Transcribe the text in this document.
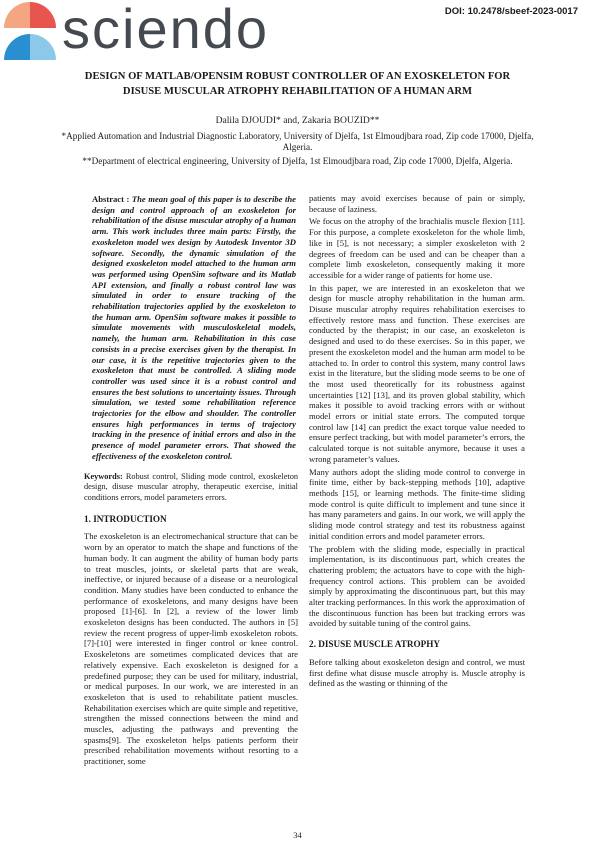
sciendo	DOI: 10.2478/sbeef-2023-0017
DESIGN OF MATLAB/OPENSIM ROBUST CONTROLLER OF AN EXOSKELETON FOR
DISUSE MUSCULAR ATROPHY REHABILITATION OF A HUMAN ARM
Dalila DJOUDI* and, Zakaria BOUZID**
*Applied Automation and Industrial Diagnostic Laboratory, University of Djelfa, 1st Elmoudjbara road, Zip code 17000, Djelfa, Algeria.
**Department of electrical engineering, University of Djelfa, 1st Elmoudjbara road, Zip code 17000, Djelfa, Algeria.
Abstract : The mean goal of this paper is to describe the design and control approach of an exoskeleton for rehabilitation of the disuse muscular atrophy of a human arm. This work includes three main parts: Firstly, the exoskeleton model wes design by Autodesk Inventor 3D software. Secondly, the dynamic simulation of the designed exoskeleton model attached to the human arm was performed using OpenSim software and its Matlab API extension, and finally a robust control law was simulated in order to ensure tracking of the rehabilitation trajectories applied by the exoskeleton to the human arm. OpenSim software makes it possible to simulate movements with musculoskeletal models, namely, the human arm. Rehabilitation in this case consists in a precise exercises given by the therapist. In our case, it is the repetitive trajectories given to the exoskeleton that must be controlled. A sliding mode controller was used since it is a robust control and ensures the best solutions to uncertainty issues. Through simulation, we tested some rehabilitation reference trajectories for the elbow and shoulder. The controller ensures high performances in terms of trajectory tracking in the presence of initial errors and also in the presence of model parameter errors. That showed the effectiveness of the exoskeleton control.
Keywords: Robust control, Sliding mode control, exoskeleton design, disuse muscular atrophy, therapeutic exercise, initial conditions errors, model parameters errors.
1. INTRODUCTION

The exoskeleton is an electromechanical structure that can be worn by an operator to match the shape and functions of the human body. It can augment the ability of human body parts to treat muscles, joints, or skeletal parts that are weak, ineffective, or injured because of a disease or a neurological condition. Many studies have been conducted to enhance the performance of exoskeletons, and many designs have been proposed [1]-[6]. In [2], a review of the lower limb exoskeleton designs has been conducted. The authors in [5] review the recent progress of upper-limb exoskeleton robots. [7]-[10] were interested in finger control or knee control. Exoskeletons are sometimes complicated devices that are relatively expensive. Each exoskeleton is designed for a predefined purpose; they can be used for military, industrial, or medical purposes. In our work, we are interested in an exoskeleton that is used to rehabilitate patient muscles. Rehabilitation exercises which are quite simple and repetitive, strengthen the missed connections between the mind and muscles, adjusting the pathways and preventing the spasms[9]. The exoskeleton helps patients perform their prescribed rehabilitation movements without resorting to a practitioner, some

patients may avoid exercises because of pain or simply, because of laziness.

We focus on the atrophy of the brachialis muscle flexion [11]. For this purpose, a complete exoskeleton for the whole limb, like in [5], is not necessary; a simpler exoskeleton with 2 degrees of freedom can be used and can be cheaper than a complete limb exoskeleton, consequently making it more accessible for a wider range of patients for home use.

In this paper, we are interested in an exoskeleton that we design for muscle atrophy rehabilitation in the human arm. Disuse muscular atrophy requires rehabilitation exercises to effectively restore mass and function. These exercises are conducted by the therapist; in our case, an exoskeleton is designed and used to do these exercises. So in this paper, we present the exoskeleton model and the human arm model to be attached to. In order to control this system, many control laws exist in the literature, but the sliding mode seems to be one of the most used theoretically for its robustness against uncertainties [12] [13], and its proven global stability, which makes it possible to avoid tracking errors with or without model errors or initial state errors. The computed torque control law [14] can predict the exact torque value needed to ensure perfect tracking, but with model parameter’s errors, the calculated torque is not suitable anymore, because it uses a wrong parameter’s values.

Many authors adopt the sliding mode control to converge in finite time, either by back-stepping methods [10], adaptive methods [15], or learning methods. The finite-time sliding mode control is quite difficult to implement and tune since it has many parameters and gains. In our work, we will apply the sliding mode control strategy and test its robustness against initial condition errors and model parameter errors.

The problem with the sliding mode, especially in practical implementation, is its discontinuous part, which creates the chattering problem; the actuators have to cope with the high-frequency control actions. This problem can be avoided simply by approximating the discontinuous part, but this may alter tracking performances. In this work the approximation of the discontinuous function has been but tracking errors was avoided by suitable tuning of the control gains.

2. DISUSE MUSCLE ATROPHY

Before talking about exoskeleton design and control, we must first define what disuse muscle atrophy is. Muscle atrophy is defined as the wasting or thinning of the

34
